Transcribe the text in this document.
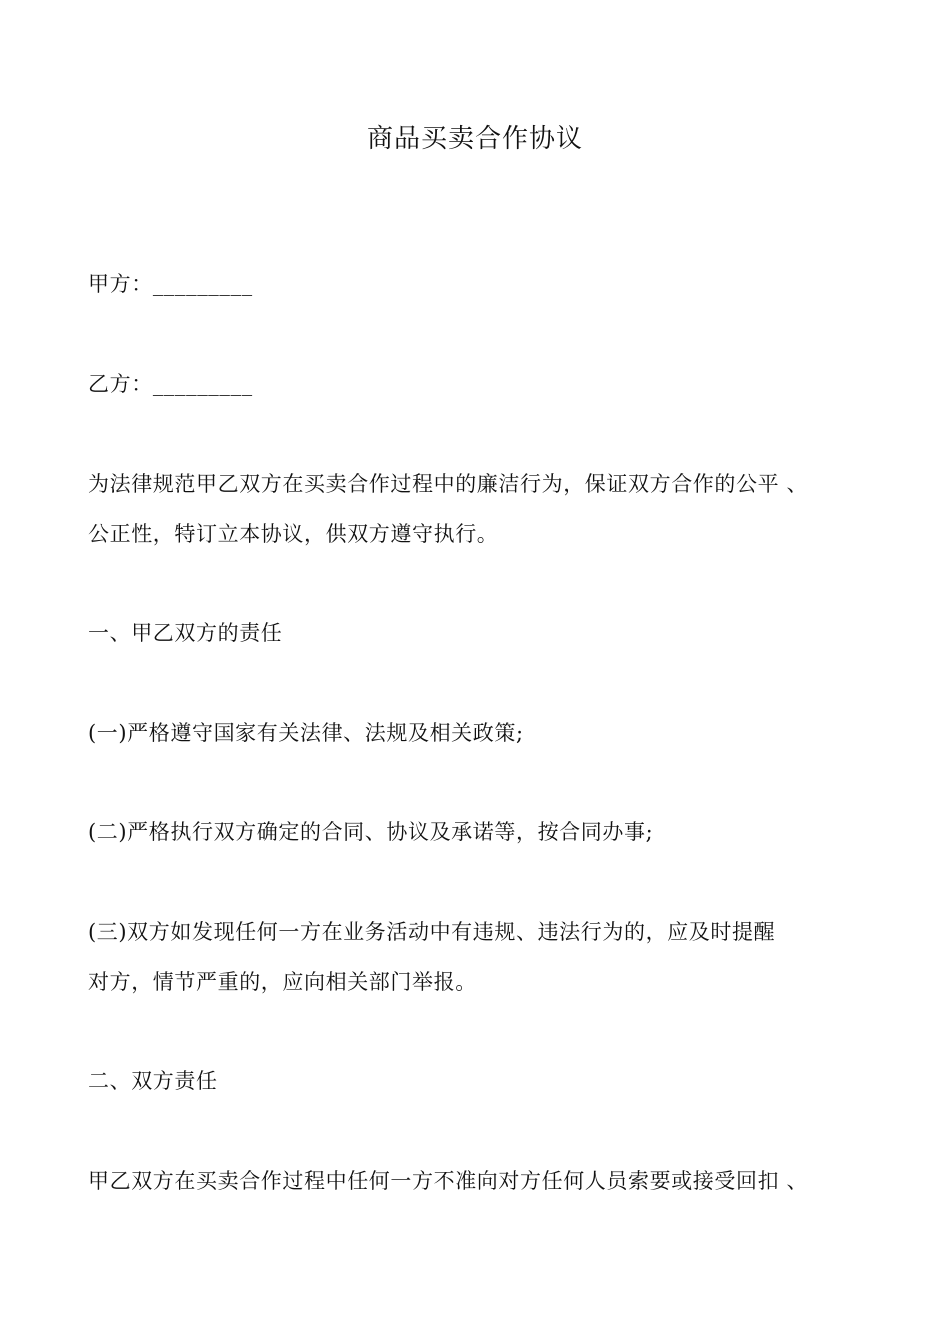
商品买卖合作协议
甲方：_________
乙方：_________
为法律规范甲乙双方在买卖合作过程中的廉洁行为，保证双方合作的公平 、
公正性，特订立本协议，供双方遵守执行。
一、甲乙双方的责任
(一)严格遵守国家有关法律、法规及相关政策;
(二)严格执行双方确定的合同、协议及承诺等，按合同办事;
(三)双方如发现任何一方在业务活动中有违规、违法行为的，应及时提醒
对方，情节严重的，应向相关部门举报。
二、双方责任
甲乙双方在买卖合作过程中任何一方不准向对方任何人员索要或接受回扣 、
